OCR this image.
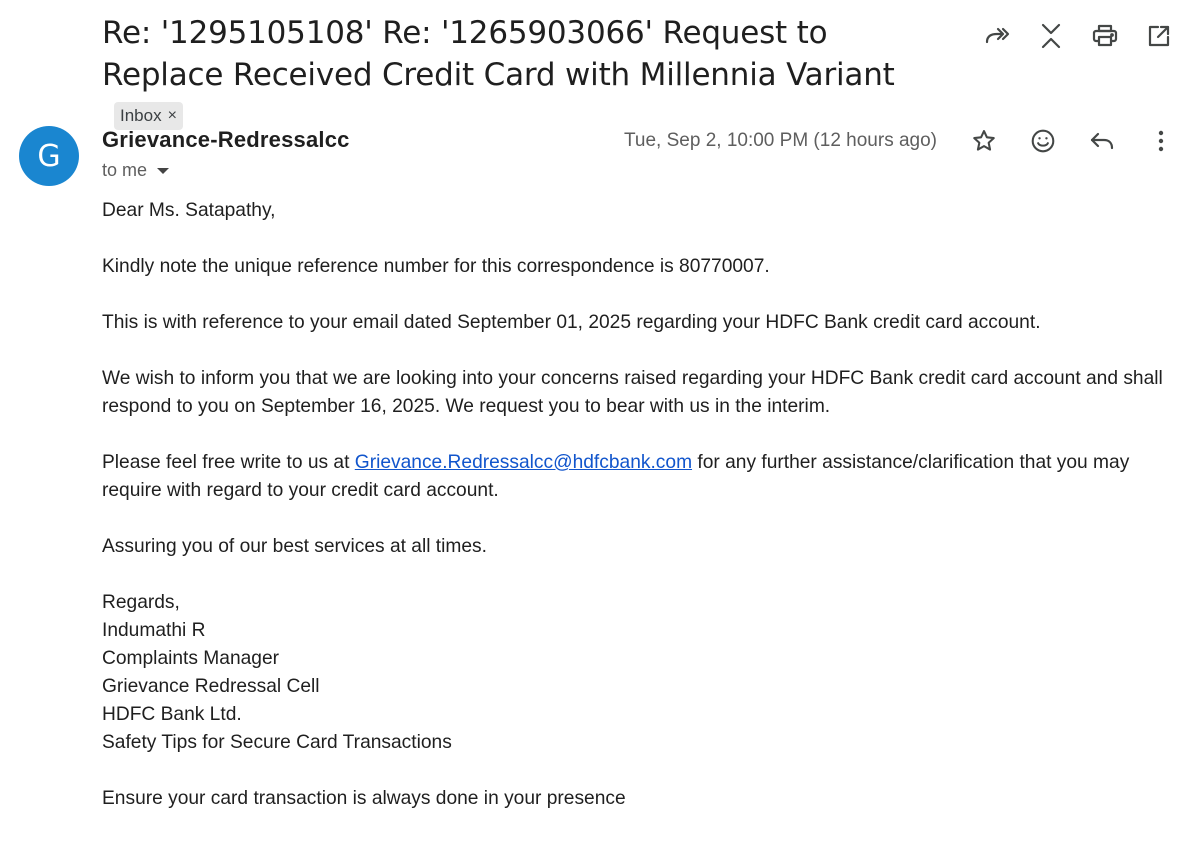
Re: '1295105108' Re: '1265903066' Request to Replace Received Credit Card with Millennia Variant
Inbox ×
G	Grievance-Redressalcc
to me
Tue, Sep 2, 10:00 PM (12 hours ago)

Dear Ms. Satapathy,

Kindly note the unique reference number for this correspondence is 80770007.

This is with reference to your email dated September 01, 2025 regarding your HDFC Bank credit card account.

We wish to inform you that we are looking into your concerns raised regarding your HDFC Bank credit card account and shall respond to you on September 16, 2025. We request you to bear with us in the interim.

Please feel free write to us at Grievance.Redressalcc@hdfcbank.com for any further assistance/clarification that you may require with regard to your credit card account.

Assuring you of our best services at all times.

Regards,

Indumathi R

Complaints Manager

Grievance Redressal Cell

HDFC Bank Ltd.

Safety Tips for Secure Card Transactions

Ensure your card transaction is always done in your presence
